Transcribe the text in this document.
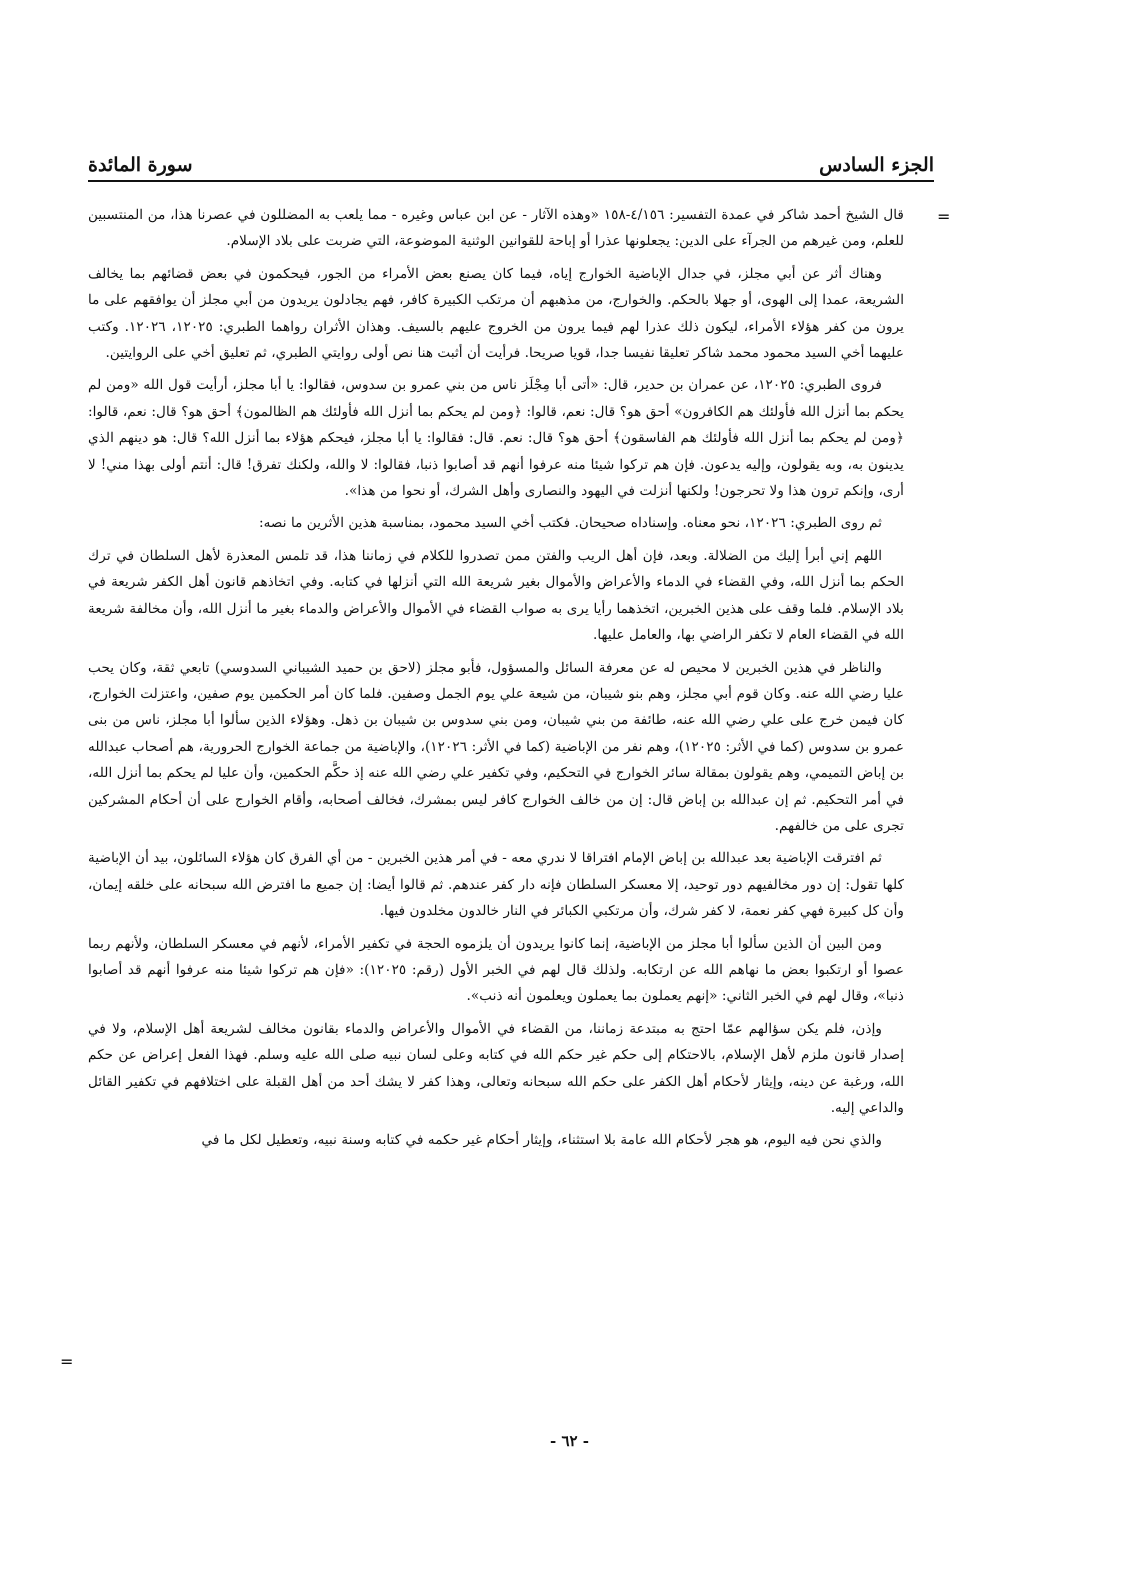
الجزء السادس
سورة المائدة
=

قال الشيخ أحمد شاكر في عمدة التفسير: ٤/١٥٦-١٥٨ «وهذه الآثار - عن ابن عباس وغيره - مما يلعب به المضللون في عصرنا هذا، من المنتسبين للعلم، ومن غيرهم من الجرآء على الدين: يجعلونها عذرا أو إباحة للقوانين الوثنية الموضوعة، التي ضربت على بلاد الإسلام.

وهناك أثر عن أبي مجلز، في جدال الإباضية الخوارج إياه، فيما كان يصنع بعض الأمراء من الجور، فيحكمون في بعض قضائهم بما يخالف الشريعة، عمدا إلى الهوى، أو جهلا بالحكم. والخوارج، من مذهبهم أن مرتكب الكبيرة كافر، فهم يجادلون يريدون من أبي مجلز أن يوافقهم على ما يرون من كفر هؤلاء الأمراء، ليكون ذلك عذرا لهم فيما يرون من الخروج عليهم بالسيف. وهذان الأثران رواهما الطبري: ١٢٠٢٥، ١٢٠٢٦. وكتب عليهما أخي السيد محمود محمد شاكر تعليقا نفيسا جدا، قويا صريحا. فرأيت أن أثبت هنا نص أولى روايتي الطبري، ثم تعليق أخي على الروايتين.

فروى الطبري: ١٢٠٢٥، عن عمران بن حدير، قال: «أتى أبا مِجْلَز ناس من بني عمرو بن سدوس، فقالوا: يا أبا مجلز، أرأيت قول الله «ومن لم يحكم بما أنزل الله فأولئك هم الكافرون» أحق هو؟ قال: نعم، قالوا: ﴿ومن لم يحكم بما أنزل الله فأولئك هم الظالمون﴾ أحق هو؟ قال: نعم، قالوا: ﴿ومن لم يحكم بما أنزل الله فأولئك هم الفاسقون﴾ أحق هو؟ قال: نعم. قال: فقالوا: يا أبا مجلز، فيحكم هؤلاء بما أنزل الله؟ قال: هو دينهم الذي يدينون به، وبه يقولون، وإليه يدعون. فإن هم تركوا شيئا منه عرفوا أنهم قد أصابوا ذنبا، فقالوا: لا والله، ولكنك تفرق! قال: أنتم أولى بهذا مني! لا أرى، وإنكم ترون هذا ولا تحرجون! ولكنها أنزلت في اليهود والنصارى وأهل الشرك، أو نحوا من هذا».

ثم روى الطبري: ١٢٠٢٦، نحو معناه. وإسناداه صحيحان. فكتب أخي السيد محمود، بمناسبة هذين الأثرين ما نصه:

اللهم إني أبرأ إليك من الضلالة. وبعد، فإن أهل الريب والفتن ممن تصدروا للكلام في زماننا هذا، قد تلمس المعذرة لأهل السلطان في ترك الحكم بما أنزل الله، وفي القضاء في الدماء والأعراض والأموال بغير شريعة الله التي أنزلها في كتابه. وفي اتخاذهم قانون أهل الكفر شريعة في بلاد الإسلام. فلما وقف على هذين الخبرين، اتخذهما رأيا يرى به صواب القضاء في الأموال والأعراض والدماء بغير ما أنزل الله، وأن مخالفة شريعة الله في القضاء العام لا تكفر الراضي بها، والعامل عليها.

والناظر في هذين الخبرين لا محيص له عن معرفة السائل والمسؤول، فأبو مجلز (لاحق بن حميد الشيباني السدوسي) تابعي ثقة، وكان يحب عليا رضي الله عنه. وكان قوم أبي مجلز، وهم بنو شيبان، من شيعة علي يوم الجمل وصفين. فلما كان أمر الحكمين يوم صفين، واعتزلت الخوارج، كان فيمن خرج على علي رضي الله عنه، طائفة من بني شيبان، ومن بني سدوس بن شيبان بن ذهل. وهؤلاء الذين سألوا أبا مجلز، ناس من بنى عمرو بن سدوس (كما في الأثر: ١٢٠٢٥)، وهم نفر من الإباضية (كما في الأثر: ١٢٠٢٦)، والإباضية من جماعة الخوارج الحرورية، هم أصحاب عبدالله بن إباض التميمي، وهم يقولون بمقالة سائر الخوارج في التحكيم، وفي تكفير علي رضي الله عنه إذ حكَّم الحكمين، وأن عليا لم يحكم بما أنزل الله، في أمر التحكيم. ثم إن عبدالله بن إباض قال: إن من خالف الخوارج كافر ليس بمشرك، فخالف أصحابه، وأقام الخوارج على أن أحكام المشركين تجرى على من خالفهم.

ثم افترقت الإباضية بعد عبدالله بن إباض الإمام افتراقا لا ندري معه - في أمر هذين الخبرين - من أي الفرق كان هؤلاء السائلون، بيد أن الإباضية كلها تقول: إن دور مخالفيهم دور توحيد، إلا معسكر السلطان فإنه دار كفر عندهم. ثم قالوا أيضا: إن جميع ما افترض الله سبحانه على خلقه إيمان، وأن كل كبيرة فهي كفر نعمة، لا كفر شرك، وأن مرتكبي الكبائر في النار خالدون مخلدون فيها.

ومن البين أن الذين سألوا أبا مجلز من الإباضية، إنما كانوا يريدون أن يلزموه الحجة في تكفير الأمراء، لأنهم في معسكر السلطان، ولأنهم ربما عصوا أو ارتكبوا بعض ما نهاهم الله عن ارتكابه. ولذلك قال لهم في الخبر الأول (رقم: ١٢٠٢٥): «فإن هم تركوا شيئا منه عرفوا أنهم قد أصابوا ذنبا»، وقال لهم في الخبر الثاني: «إنهم يعملون بما يعملون ويعلمون أنه ذنب».

وإذن، فلم يكن سؤالهم عمّا احتج به مبتدعة زماننا، من القضاء في الأموال والأعراض والدماء بقانون مخالف لشريعة أهل الإسلام، ولا في إصدار قانون ملزم لأهل الإسلام، بالاحتكام إلى حكم غير حكم الله في كتابه وعلى لسان نبيه صلى الله عليه وسلم. فهذا الفعل إعراض عن حكم الله، ورغبة عن دينه، وإيثار لأحكام أهل الكفر على حكم الله سبحانه وتعالى، وهذا كفر لا يشك أحد من أهل القبلة على اختلافهم في تكفير القائل والداعي إليه.

والذي نحن فيه اليوم، هو هجر لأحكام الله عامة بلا استثناء، وإيثار أحكام غير حكمه في كتابه وسنة نبيه، وتعطيل لكل ما في

=
- ٦٢ -
